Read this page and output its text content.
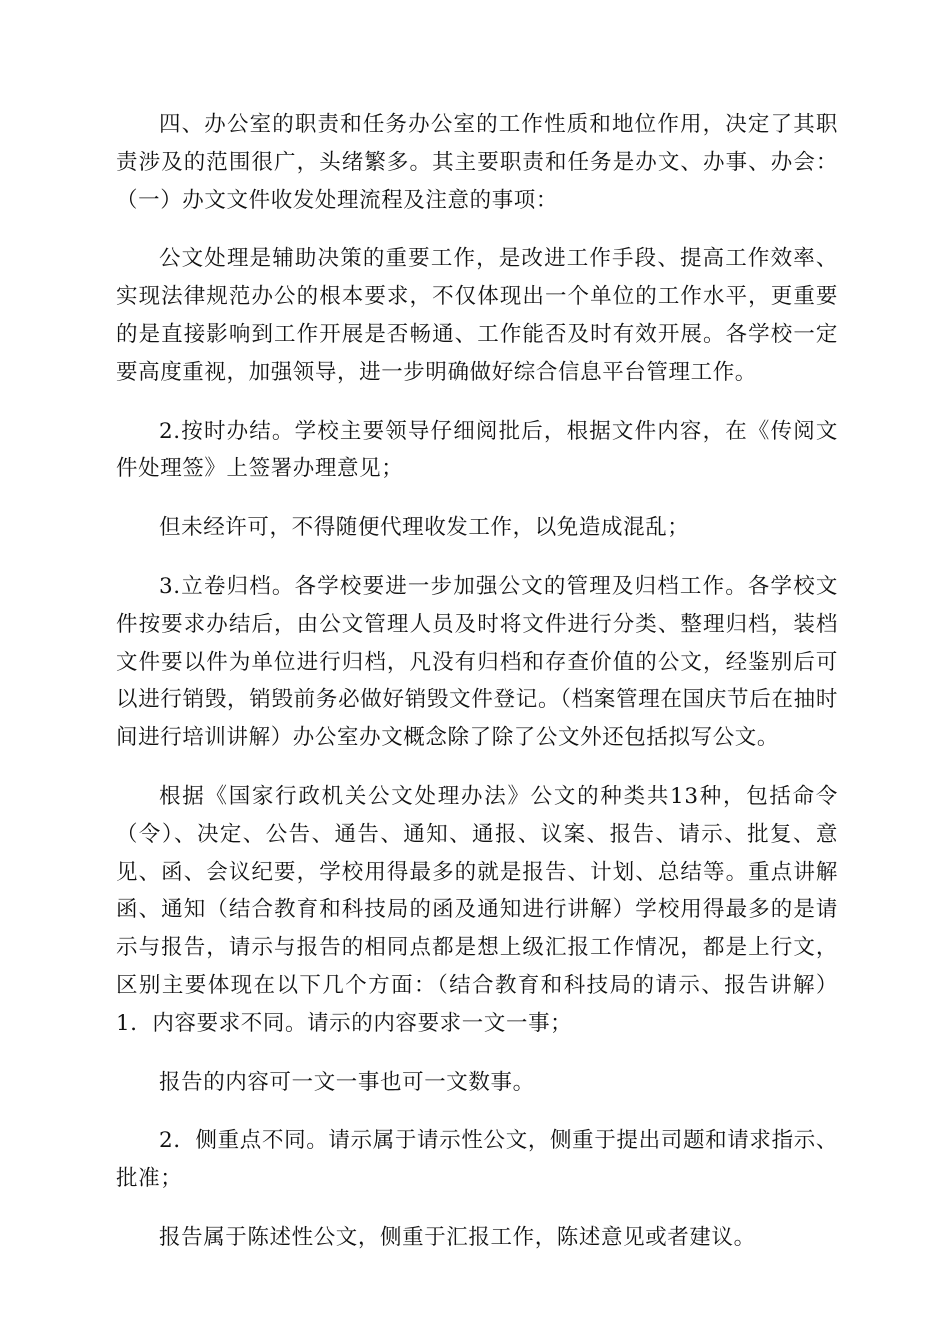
四、办公室的职责和任务办公室的工作性质和地位作用，决定了其职责涉及的范围很广，头绪繁多。其主要职责和任务是办文、办事、办会：（一）办文文件收发处理流程及注意的事项：

公文处理是辅助决策的重要工作，是改进工作手段、提高工作效率、实现法律规范办公的根本要求，不仅体现出一个单位的工作水平，更重要的是直接影响到工作开展是否畅通、工作能否及时有效开展。各学校一定要高度重视，加强领导，进一步明确做好综合信息平台管理工作。

2.按时办结。学校主要领导仔细阅批后，根据文件内容，在《传阅文件处理签》上签署办理意见；

但未经许可，不得随便代理收发工作，以免造成混乱；

3.立卷归档。各学校要进一步加强公文的管理及归档工作。各学校文件按要求办结后，由公文管理人员及时将文件进行分类、整理归档，装档文件要以件为单位进行归档，凡没有归档和存查价值的公文，经鉴别后可以进行销毁，销毁前务必做好销毁文件登记。（档案管理在国庆节后在抽时间进行培训讲解）办公室办文概念除了除了公文外还包括拟写公文。

根据《国家行政机关公文处理办法》公文的种类共13种，包括命令（令）、决定、公告、通告、通知、通报、议案、报告、请示、批复、意见、函、会议纪要，学校用得最多的就是报告、计划、总结等。重点讲解函、通知（结合教育和科技局的函及通知进行讲解）学校用得最多的是请示与报告，请示与报告的相同点都是想上级汇报工作情况，都是上行文，区别主要体现在以下几个方面：（结合教育和科技局的请示、报告讲解）1．内容要求不同。请示的内容要求一文一事；

报告的内容可一文一事也可一文数事。

2．侧重点不同。请示属于请示性公文，侧重于提出司题和请求指示、批准；

报告属于陈述性公文，侧重于汇报工作，陈述意见或者建议。
